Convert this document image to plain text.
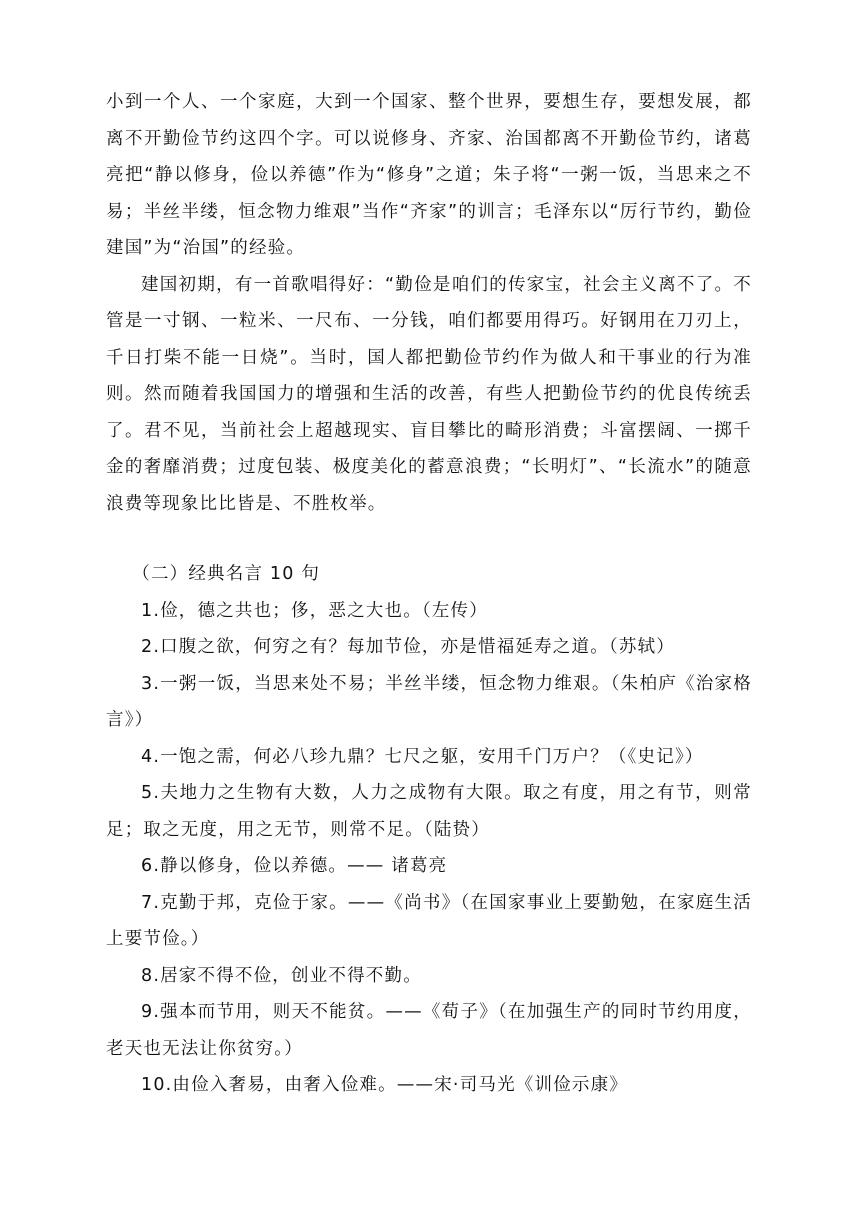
小到一个人、一个家庭，大到一个国家、整个世界，要想生存，要想发展，都离不开勤俭节约这四个字。可以说修身、齐家、治国都离不开勤俭节约，诸葛亮把“静以修身，俭以养德”作为“修身”之道；朱子将“一粥一饭，当思来之不易；半丝半缕，恒念物力维艰”当作“齐家”的训言；毛泽东以“厉行节约，勤俭建国”为“治国”的经验。

建国初期，有一首歌唱得好：“勤俭是咱们的传家宝，社会主义离不了。不管是一寸钢、一粒米、一尺布、一分钱，咱们都要用得巧。好钢用在刀刃上，千日打柴不能一日烧”。当时，国人都把勤俭节约作为做人和干事业的行为准则。然而随着我国国力的增强和生活的改善，有些人把勤俭节约的优良传统丢了。君不见，当前社会上超越现实、盲目攀比的畸形消费；斗富摆阔、一掷千金的奢靡消费；过度包装、极度美化的蓄意浪费；“长明灯”、“长流水”的随意浪费等现象比比皆是、不胜枚举。

（二）经典名言 10 句

1.俭，德之共也；侈，恶之大也。（左传）

2.口腹之欲，何穷之有？每加节俭，亦是惜福延寿之道。（苏轼）

3.一粥一饭，当思来处不易；半丝半缕，恒念物力维艰。（朱柏庐《治家格言》）

4.一饱之需，何必八珍九鼎？七尺之躯，安用千门万户？（《史记》）

5.夫地力之生物有大数，人力之成物有大限。取之有度，用之有节，则常足；取之无度，用之无节，则常不足。（陆贽）

6.静以修身，俭以养德。—— 诸葛亮

7.克勤于邦，克俭于家。——《尚书》（在国家事业上要勤勉，在家庭生活上要节俭。）

8.居家不得不俭，创业不得不勤。

9.强本而节用，则天不能贫。——《荀子》（在加强生产的同时节约用度，老天也无法让你贫穷。）

10.由俭入奢易，由奢入俭难。——宋·司马光《训俭示康》
